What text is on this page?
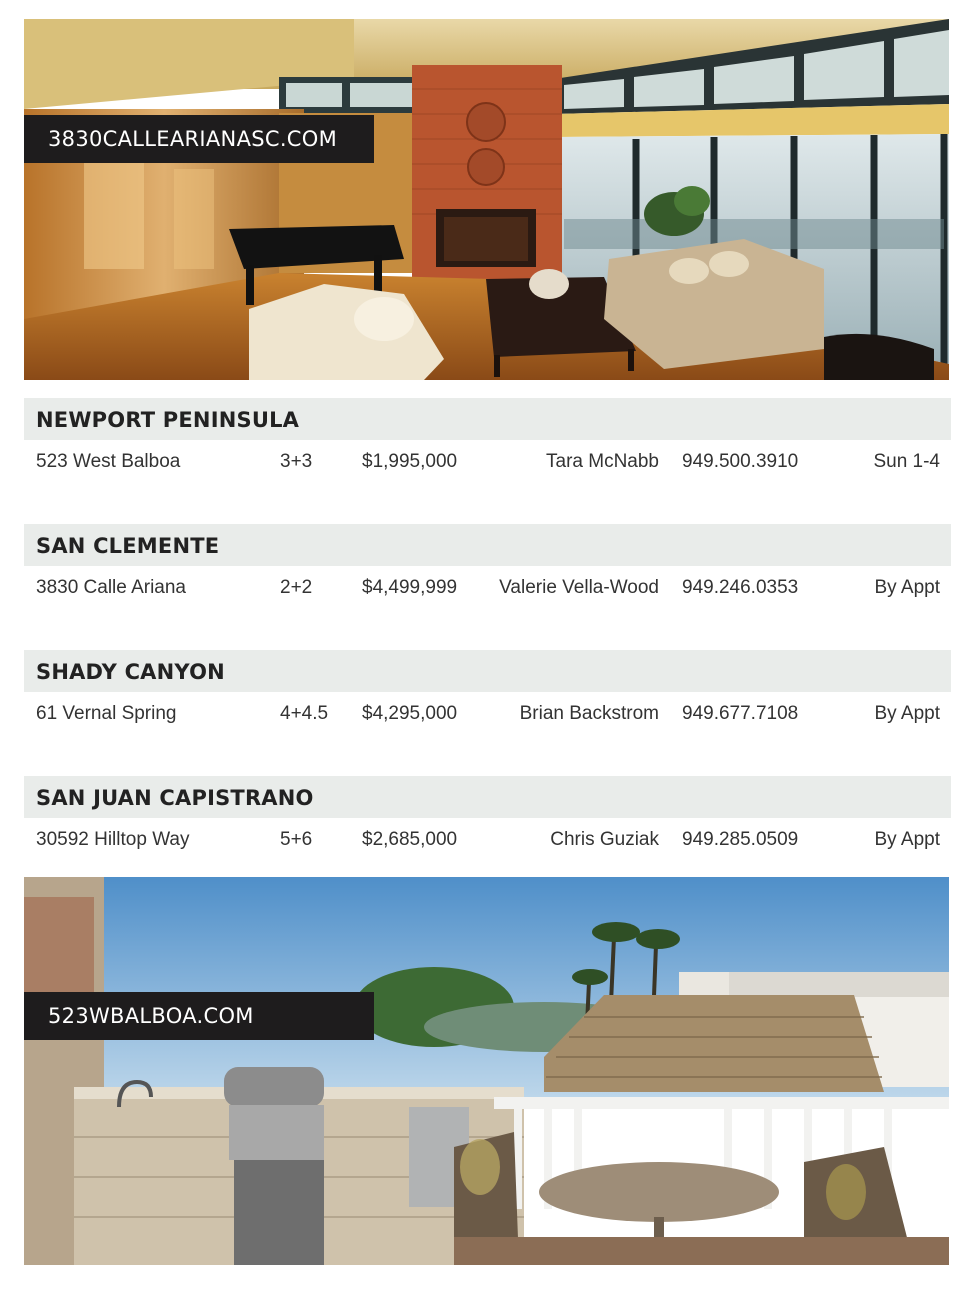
3830CALLEARIANASC.COM
NEWPORT PENINSULA
523 West Balboa	3+3	$1,995,000	Tara McNabb 949.500.3910	Sun 1-4
SAN CLEMENTE
3830 Calle Ariana	2+2	$4,499,999 Valerie Vella-Wood 949.246.0353	By Appt
SHADY CANYON
61 Vernal Spring	4+4.5 $4,295,000	Brian Backstrom 949.677.7108	By Appt
SAN JUAN CAPISTRANO
30592 Hilltop Way	5+6	$2,685,000	Chris Guziak 949.285.0509	By Appt
523WBALBOA.COM
